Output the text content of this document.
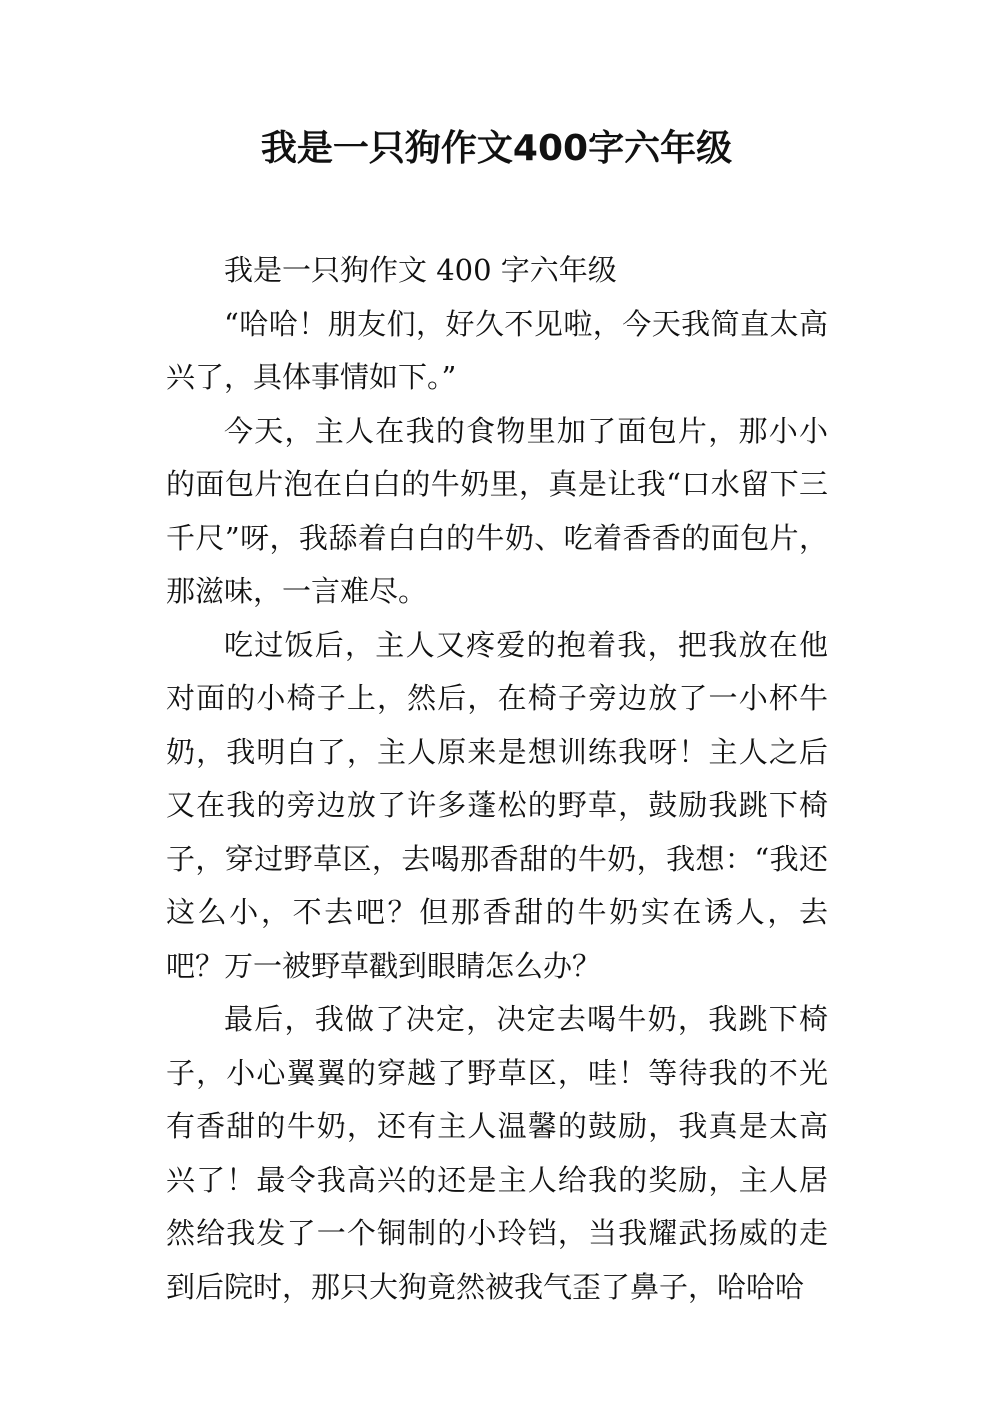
我是一只狗作文400字六年级

我是一只狗作文 400 字六年级

“哈哈！朋友们，好久不见啦，今天我简直太高兴了，具体事情如下。”

今天，主人在我的食物里加了面包片，那小小的面包片泡在白白的牛奶里，真是让我“口水留下三千尺”呀，我舔着白白的牛奶、吃着香香的面包片，那滋味，一言难尽。

吃过饭后，主人又疼爱的抱着我，把我放在他对面的小椅子上，然后，在椅子旁边放了一小杯牛奶，我明白了，主人原来是想训练我呀！主人之后又在我的旁边放了许多蓬松的野草，鼓励我跳下椅子，穿过野草区，去喝那香甜的牛奶，我想：“我还这么小，不去吧？但那香甜的牛奶实在诱人，去吧？万一被野草戳到眼睛怎么办？

最后，我做了决定，决定去喝牛奶，我跳下椅子，小心翼翼的穿越了野草区，哇！等待我的不光有香甜的牛奶，还有主人温馨的鼓励，我真是太高兴了！最令我高兴的还是主人给我的奖励，主人居然给我发了一个铜制的小玲铛，当我耀武扬威的走到后院时，那只大狗竟然被我气歪了鼻子，哈哈哈
